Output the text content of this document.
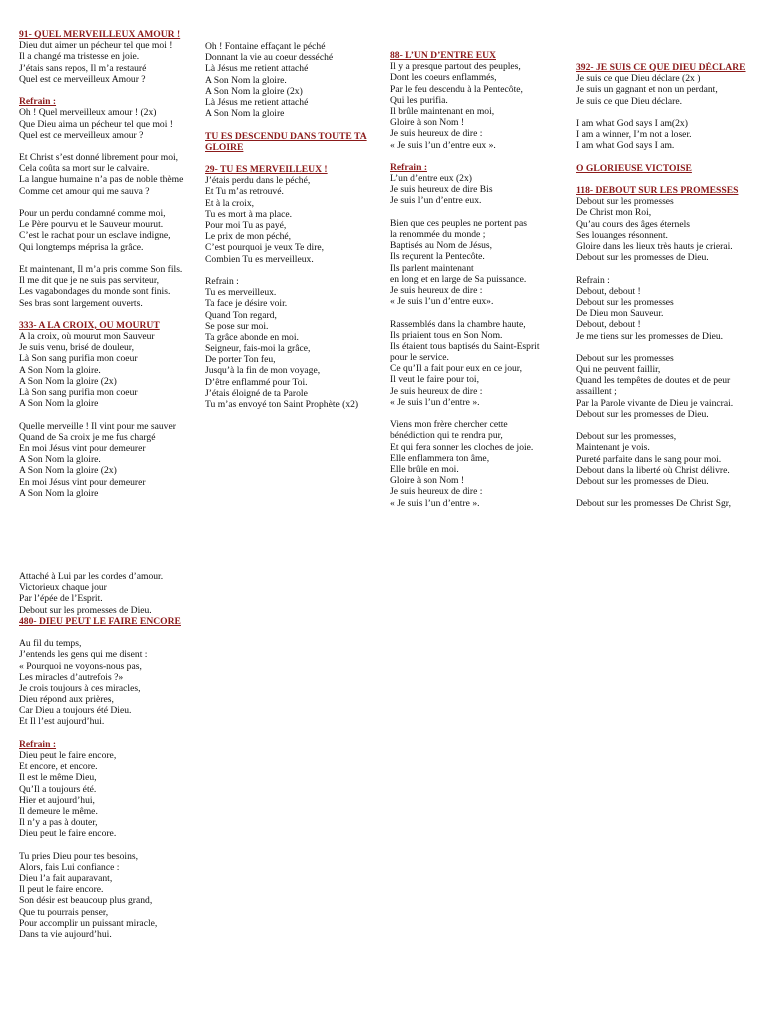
91- QUEL MERVEILLEUX AMOUR !
Dieu dut aimer un pécheur tel que moi !
Il a changé ma tristesse en joie.
J’étais sans repos, Il m’a restauré
Quel est ce merveilleux Amour ?
Refrain :
Oh ! Quel merveilleux amour ! (2x)
Que Dieu aima un pécheur tel que moi !
Quel est ce merveilleux amour ?
Et Christ s’est donné librement pour moi,
Cela coûta sa mort sur le calvaire.
La langue humaine n’a pas de noble thème
Comme cet amour qui me sauva ?
Pour un perdu condamné comme moi,
Le Père pourvu et le Sauveur mourut.
C’est le rachat pour un esclave indigne,
Qui longtemps méprisa la grâce.
Et maintenant, Il m’a pris comme Son fils.
Il me dit que je ne suis pas serviteur,
Les vagabondages du monde sont finis.
Ses bras sont largement ouverts.
333- A LA CROIX, OU MOURUT
A la croix, où mourut mon Sauveur
Je suis venu, brisé de douleur,
Là Son sang purifia mon coeur
A Son Nom la gloire.
A Son Nom la gloire (2x)
Là Son sang purifia mon coeur
A Son Nom la gloire
Quelle merveille ! Il vint pour me sauver
Quand de Sa croix je me fus chargé
En moi Jésus vint pour demeurer
A Son Nom la gloire.
A Son Nom la gloire (2x)
En moi Jésus vint pour demeurer
A Son Nom la gloire
Oh ! Fontaine effaçant le péché
Donnant la vie au coeur desséché
Là Jésus me retient attaché
A Son Nom la gloire.
A Son Nom la gloire (2x)
Là Jésus me retient attaché
A Son Nom la gloire
TU ES DESCENDU DANS TOUTE TA
GLOIRE
29- TU ES MERVEILLEUX !
J’étais perdu dans le péché,
Et Tu m’as retrouvé.
Et à la croix,
Tu es mort à ma place.
Pour moi Tu as payé,
Le prix de mon péché,
C’est pourquoi je veux Te dire,
Combien Tu es merveilleux.
Refrain :
Tu es merveilleux.
Ta face je désire voir.
Quand Ton regard,
Se pose sur moi.
Ta grâce abonde en moi.
Seigneur, fais-moi la grâce,
De porter Ton feu,
Jusqu’à la fin de mon voyage,
D’être enflammé pour Toi.
J’étais éloigné de ta Parole
Tu m’as envoyé ton Saint Prophète (x2)
88- L’UN D’ENTRE EUX
Il y a presque partout des peuples,
Dont les coeurs enflammés,
Par le feu descendu à la Pentecôte,
Qui les purifia.
Il brûle maintenant en moi,
Gloire à son Nom !
Je suis heureux de dire :
« Je suis l’un d’entre eux ».
Refrain :
L’un d’entre eux (2x)
Je suis heureux de dire Bis
Je suis l’un d’entre eux.
Bien que ces peuples ne portent pas
la renommée du monde ;
Baptisés au Nom de Jésus,
Ils reçurent la Pentecôte.
Ils parlent maintenant
en long et en large de Sa puissance.
Je suis heureux de dire :
« Je suis l’un d’entre eux».
Rassemblés dans la chambre haute,
Ils priaient tous en Son Nom.
Ils étaient tous baptisés du Saint-Esprit
pour le service.
Ce qu’Il a fait pour eux en ce jour,
Il veut le faire pour toi,
Je suis heureux de dire :
« Je suis l’un d’entre ».
Viens mon frère chercher cette
bénédiction qui te rendra pur,
Et qui fera sonner les cloches de joie.
Elle enflammera ton âme,
Elle brûle en moi.
Gloire à son Nom !
Je suis heureux de dire :
« Je suis l’un d’entre ».
392- JE SUIS CE QUE DIEU DÉCLARE
Je suis ce que Dieu déclare (2x )
Je suis un gagnant et non un perdant,
Je suis ce que Dieu déclare.
I am what God says I am(2x)
I am a winner, I’m not a loser.
I am what God says I am.
O GLORIEUSE VICTOISE
118- DEBOUT SUR LES PROMESSES
Debout sur les promesses
De Christ mon Roi,
Qu’au cours des âges éternels
Ses louanges résonnent.
Gloire dans les lieux très hauts je crierai.
Debout sur les promesses de Dieu.
Refrain :
Debout, debout !
Debout sur les promesses
De Dieu mon Sauveur.
Debout, debout !
Je me tiens sur les promesses de Dieu.
Debout sur les promesses
Qui ne peuvent faillir,
Quand les tempêtes de doutes et de peur
assaillent ;
Par la Parole vivante de Dieu je vaincrai.
Debout sur les promesses de Dieu.
Debout sur les promesses,
Maintenant je vois.
Pureté parfaite dans le sang pour moi.
Debout dans la liberté où Christ délivre.
Debout sur les promesses de Dieu.
Debout sur les promesses De Christ Sgr,
Attaché à Lui par les cordes d’amour.
Victorieux chaque jour
Par l’épée de l’Esprit.
Debout sur les promesses de Dieu.
480- DIEU PEUT LE FAIRE ENCORE
Au fil du temps,
J’entends les gens qui me disent :
« Pourquoi ne voyons-nous pas,
Les miracles d’autrefois ?»
Je crois toujours à ces miracles,
Dieu répond aux prières,
Car Dieu a toujours été Dieu.
Et Il l’est aujourd’hui.
Refrain :
Dieu peut le faire encore,
Et encore, et encore.
Il est le même Dieu,
Qu’Il a toujours été.
Hier et aujourd’hui,
Il demeure le même.
Il n’y a pas à douter,
Dieu peut le faire encore.
Tu pries Dieu pour tes besoins,
Alors, fais Lui confiance :
Dieu l’a fait auparavant,
Il peut le faire encore.
Son désir est beaucoup plus grand,
Que tu pourrais penser,
Pour accomplir un puissant miracle,
Dans ta vie aujourd’hui.
